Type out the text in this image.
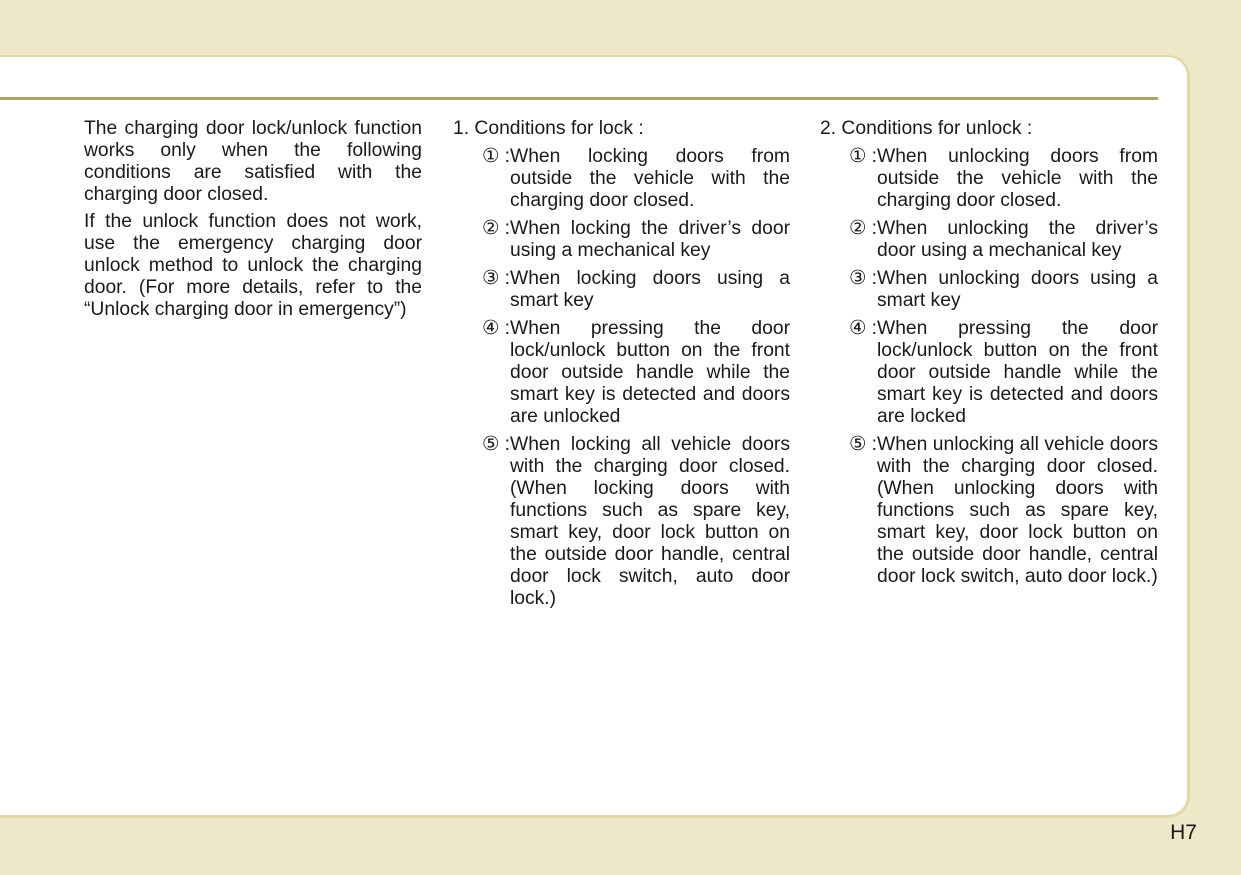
The charging door lock/unlock function works only when the following conditions are satisfied with the charging door closed.

If the unlock function does not work, use the emergency charging door unlock method to unlock the charging door. (For more details, refer to the “Unlock charging door in emergency”)

1. Conditions for lock :
① : When locking doors from outside the vehicle with the charging door closed.
② : When locking the driver’s door using a mechanical key
③ : When locking doors using a smart key
④ : When pressing the door lock/unlock button on the front door outside handle while the smart key is detected and doors are unlocked
⑤ : When locking all vehicle doors with the charging door closed. (When locking doors with functions such as spare key, smart key, door lock button on the outside door handle, central door lock switch, auto door lock.)
2. Conditions for unlock :
① : When unlocking doors from outside the vehicle with the charging door closed.
② : When unlocking the driver’s door using a mechanical key
③ : When unlocking doors using a smart key
④ : When pressing the door lock/unlock button on the front door outside handle while the smart key is detected and doors are locked
⑤ : When unlocking all vehicle doors with the charging door closed. (When unlocking doors with functions such as spare key, smart key, door lock button on the outside door handle, central door lock switch, auto door lock.)
H7
